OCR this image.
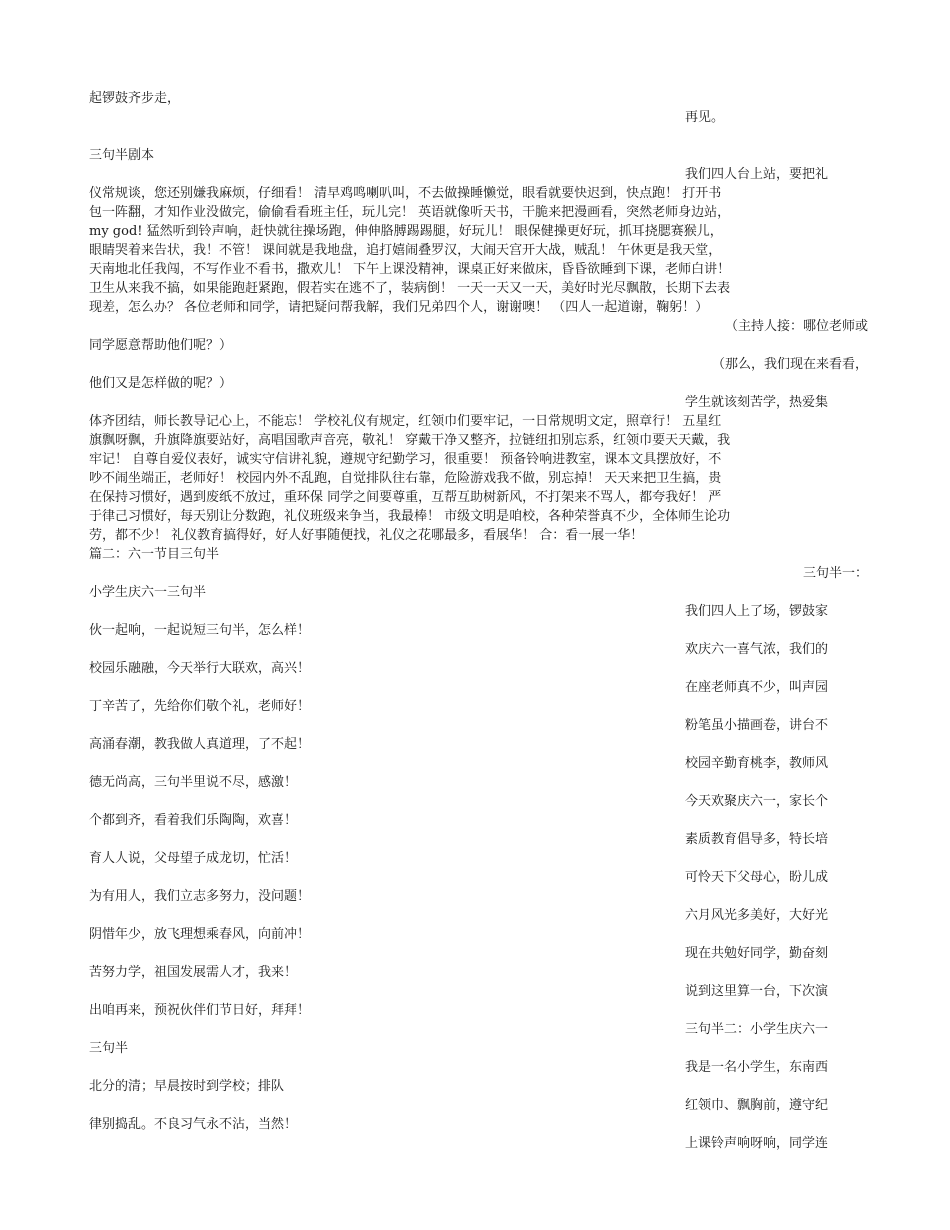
起锣鼓齐步走，
再见。
三句半剧本
我们四人台上站，要把礼
仪常规谈，您还别嫌我麻烦，仔细看！ 清早鸡鸣喇叭叫，不去做操睡懒觉，眼看就要快迟到，快点跑！ 打开书
包一阵翻，才知作业没做完，偷偷看看班主任，玩儿完！ 英语就像听天书，干脆来把漫画看，突然老师身边站，
my god! 猛然听到铃声响，赶快就往操场跑，伸伸胳膊踢踢腿，好玩儿！ 眼保健操更好玩，抓耳挠腮赛猴儿，
眼睛哭着来告状，我！不管！ 课间就是我地盘，追打嬉闹叠罗汉，大闹天宫开大战，贼乱！ 午休更是我天堂，
天南地北任我闯，不写作业不看书，撒欢儿！ 下午上课没精神，课桌正好来做床，昏昏欲睡到下课，老师白讲！
卫生从来我不搞，如果能跑赶紧跑，假若实在逃不了，装病倒！ 一天一天又一天，美好时光尽飘散，长期下去表
现差，怎么办？ 各位老师和同学，请把疑问帮我解，我们兄弟四个人，谢谢噢！ （四人一起道谢，鞠躬！）
（主持人接：哪位老师或
同学愿意帮助他们呢？）
（那么，我们现在来看看，
他们又是怎样做的呢？）
学生就该刻苦学，热爱集
体齐团结，师长教导记心上，不能忘！ 学校礼仪有规定，红领巾们要牢记，一日常规明文定，照章行！ 五星红
旗飘呀飘，升旗降旗要站好，高唱国歌声音亮，敬礼！ 穿戴干净又整齐，拉链纽扣别忘系，红领巾要天天戴，我
牢记！ 自尊自爱仪表好，诚实守信讲礼貌，遵规守纪勤学习，很重要！ 预备铃响进教室，课本文具摆放好，不
吵不闹坐端正，老师好！ 校园内外不乱跑，自觉排队往右靠，危险游戏我不做，别忘掉！ 天天来把卫生搞，贵
在保持习惯好，遇到废纸不放过，重环保 同学之间要尊重，互帮互助树新风，不打架来不骂人，都夸我好！ 严
于律己习惯好，每天别让分数跑，礼仪班级来争当，我最棒！ 市级文明是咱校，各种荣誉真不少，全体师生论功
劳，都不少！ 礼仪教育搞得好，好人好事随便找，礼仪之花哪最多，看展华！ 合：看一展一华！
篇二：六一节目三句半
三句半一：
小学生庆六一三句半
我们四人上了场，锣鼓家
欢庆六一喜气浓，我们的
在座老师真不少，叫声园
粉笔虽小描画卷，讲台不
校园辛勤育桃李，教师风
今天欢聚庆六一，家长个
素质教育倡导多，特长培
可怜天下父母心，盼儿成
六月风光多美好，大好光
现在共勉好同学，勤奋刻
说到这里算一台，下次演
三句半二：小学生庆六一
我是一名小学生，东南西
红领巾、飘胸前，遵守纪
上课铃声响呀响，同学连
伙一起响，一起说短三句半，怎么样！
校园乐融融，今天举行大联欢，高兴！
丁辛苦了，先给你们敬个礼，老师好！
高涌春潮，教我做人真道理，了不起！
德无尚高，三句半里说不尽，感激！
个都到齐，看着我们乐陶陶，欢喜！
育人人说，父母望子成龙切，忙活！
为有用人，我们立志多努力，没问题！
阴惜年少，放飞理想乘春风，向前冲！
苦努力学，祖国发展需人才，我来！
出咱再来，预祝伙伴们节日好，拜拜！
三句半
北分的清；早晨按时到学校；排队
律别捣乱。不良习气永不沾，当然！
